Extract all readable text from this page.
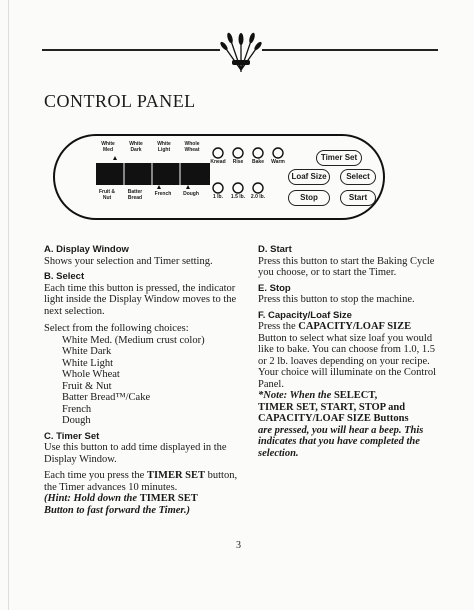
CONTROL PANEL
White
Med
White
Dark
White
Light
Whole
Wheat
Fruit &
Nut
Batter
Bread
French	Dough
Knead	Rise	Bake	Warm
1 lb.	1.5 lb.	2.0 lb.
Timer Set
Loaf Size	Select
Stop	Start
A. Display Window

Shows your selection and Timer setting.

B. Select

Each time this button is pressed, the indicator light inside the Display Window moves to the next selection.

Select from the following choices:

White Med. (Medium crust color)

White Dark

White Light

Whole Wheat

Fruit & Nut

Batter Bread™/Cake

French

Dough

C. Timer Set

Use this button to add time displayed in the Display Window.

Each time you press the TIMER SET button, the Timer advances 10 minutes.

(Hint: Hold down the TIMER SET
Button to fast forward the Timer.)

D. Start

Press this button to start the Baking Cycle you choose, or to start the Timer.

E. Stop

Press this button to stop the machine.

F. Capacity/Loaf Size

Press the CAPACITY/LOAF SIZE

Button to select what size loaf you would like to bake. You can choose from 1.0, 1.5 or 2 lb. loaves depending on your recipe. Your choice will illuminate on the Control Panel.

*Note: When the SELECT,
TIMER SET, START, STOP and
CAPACITY/LOAF SIZE Buttons
are pressed, you will hear a beep. This indicates that you have completed the selection.

3
